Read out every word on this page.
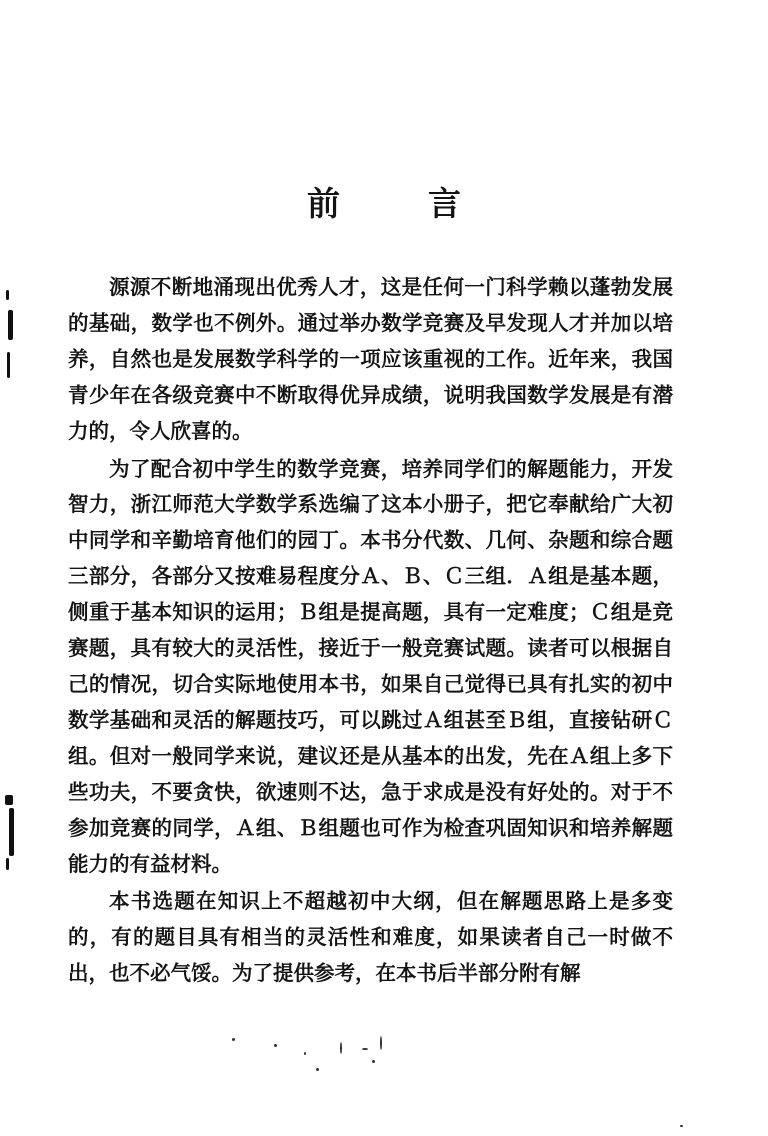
前	言

源源不断地涌现出优秀人才，这是任何一门科学赖以蓬勃发展的基础，数学也不例外。通过举办数学竞赛及早发现人才并加以培养，自然也是发展数学科学的一项应该重视的工作。近年来，我国青少年在各级竞赛中不断取得优异成绩，说明我国数学发展是有潜力的，令人欣喜的。

为了配合初中学生的数学竞赛，培养同学们的解题能力，开发智力，浙江师范大学数学系选编了这本小册子，把它奉献给广大初中同学和辛勤培育他们的园丁。本书分代数、几何、杂题和综合题三部分，各部分又按难易程度分Ａ、Ｂ、Ｃ三组．Ａ组是基本题，侧重于基本知识的运用；Ｂ组是提高题，具有一定难度；Ｃ组是竞赛题，具有较大的灵活性，接近于一般竞赛试题。读者可以根据自己的情况，切合实际地使用本书，如果自己觉得已具有扎实的初中数学基础和灵活的解题技巧，可以跳过Ａ组甚至Ｂ组，直接钻研Ｃ组。但对一般同学来说，建议还是从基本的出发，先在Ａ组上多下些功夫，不要贪快，欲速则不达，急于求成是没有好处的。对于不参加竞赛的同学，Ａ组、Ｂ组题也可作为检查巩固知识和培养解题能力的有益材料。

本书选题在知识上不超越初中大纲，但在解题思路上是多变的，有的题目具有相当的灵活性和难度，如果读者自己一时做不出，也不必气馁。为了提供参考，在本书后半部分附有解
